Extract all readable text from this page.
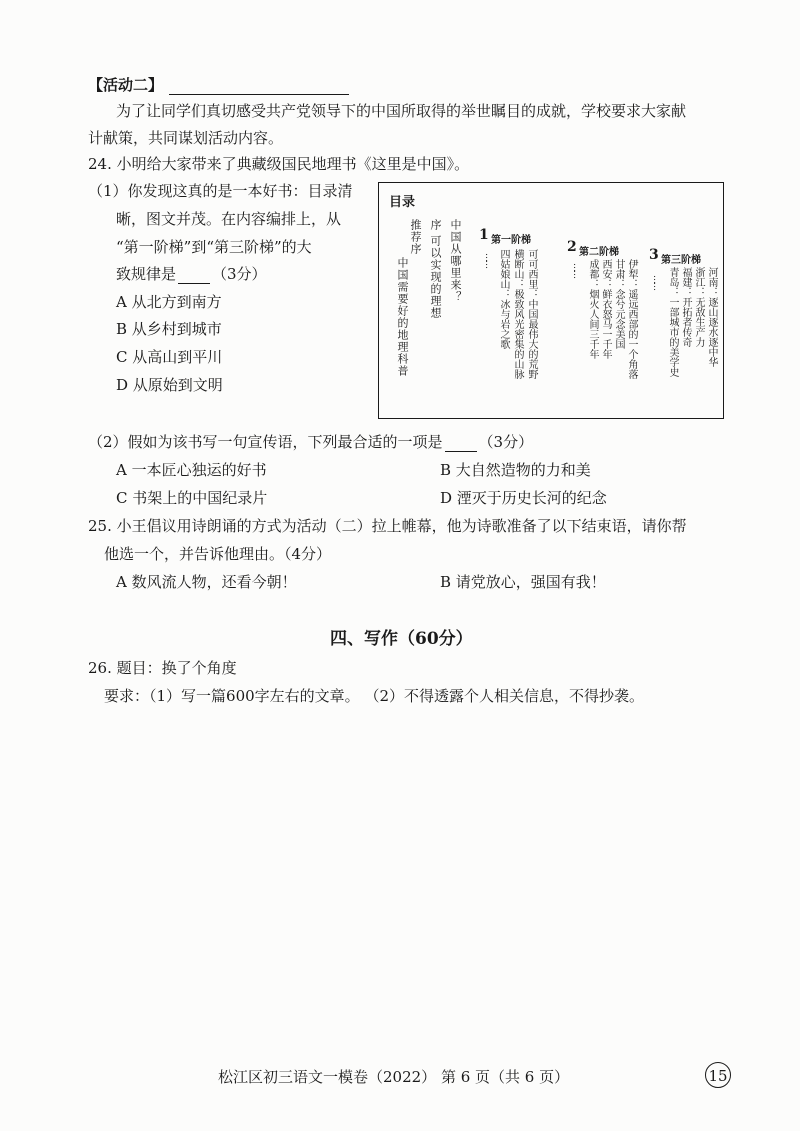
【活动二】
为了让同学们真切感受共产党领导下的中国所取得的举世瞩目的成就，学校要求大家献
计献策，共同谋划活动内容。
24. 小明给大家带来了典藏级国民地理书《这里是中国》。
（1）你发现这真的是一本好书：目录清
晰，图文并茂。在内容编排上，从
“第一阶梯”到“第三阶梯”的大
致规律是 （3分）
A 从北方到南方
B 从乡村到城市
C 从高山到平川
D 从原始到文明
目录
推荐序
中国需要好的地理科普
序
可以实现的理想 中国从哪里来？ 1 第一阶梯
……	可可西里：中国最伟大的荒野
横断山：极致风光密集的山脉
四姑娘山：冰与岩之歌
2 第二阶梯
……	伊犁：遥远西部的一个角落
甘肃：念兮元念美国
西安：鲜衣怒马一千年
成都：烟火人间三千年
3 第三阶梯
……	河南：逐山逐水逐中华
浙江：无敌生产力
福建：开拓者传奇
青岛：一部城市的美学史
（2）假如为该书写一句宣传语，下列最合适的一项是 （3分）
A 一本匠心独运的好书	B 大自然造物的力和美
C 书架上的中国纪录片	D 湮灭于历史长河的纪念
25. 小王倡议用诗朗诵的方式为活动（二）拉上帷幕，他为诗歌准备了以下结束语，请你帮
他选一个，并告诉他理由。（4分）
A 数风流人物，还看今朝！	B 请党放心，强国有我！
四、写作（60分）
26. 题目：换了个角度
要求：（1）写一篇600字左右的文章。 （2）不得透露个人相关信息，不得抄袭。
松江区初三语文一模卷（2022） 第 6 页（共 6 页）	15
